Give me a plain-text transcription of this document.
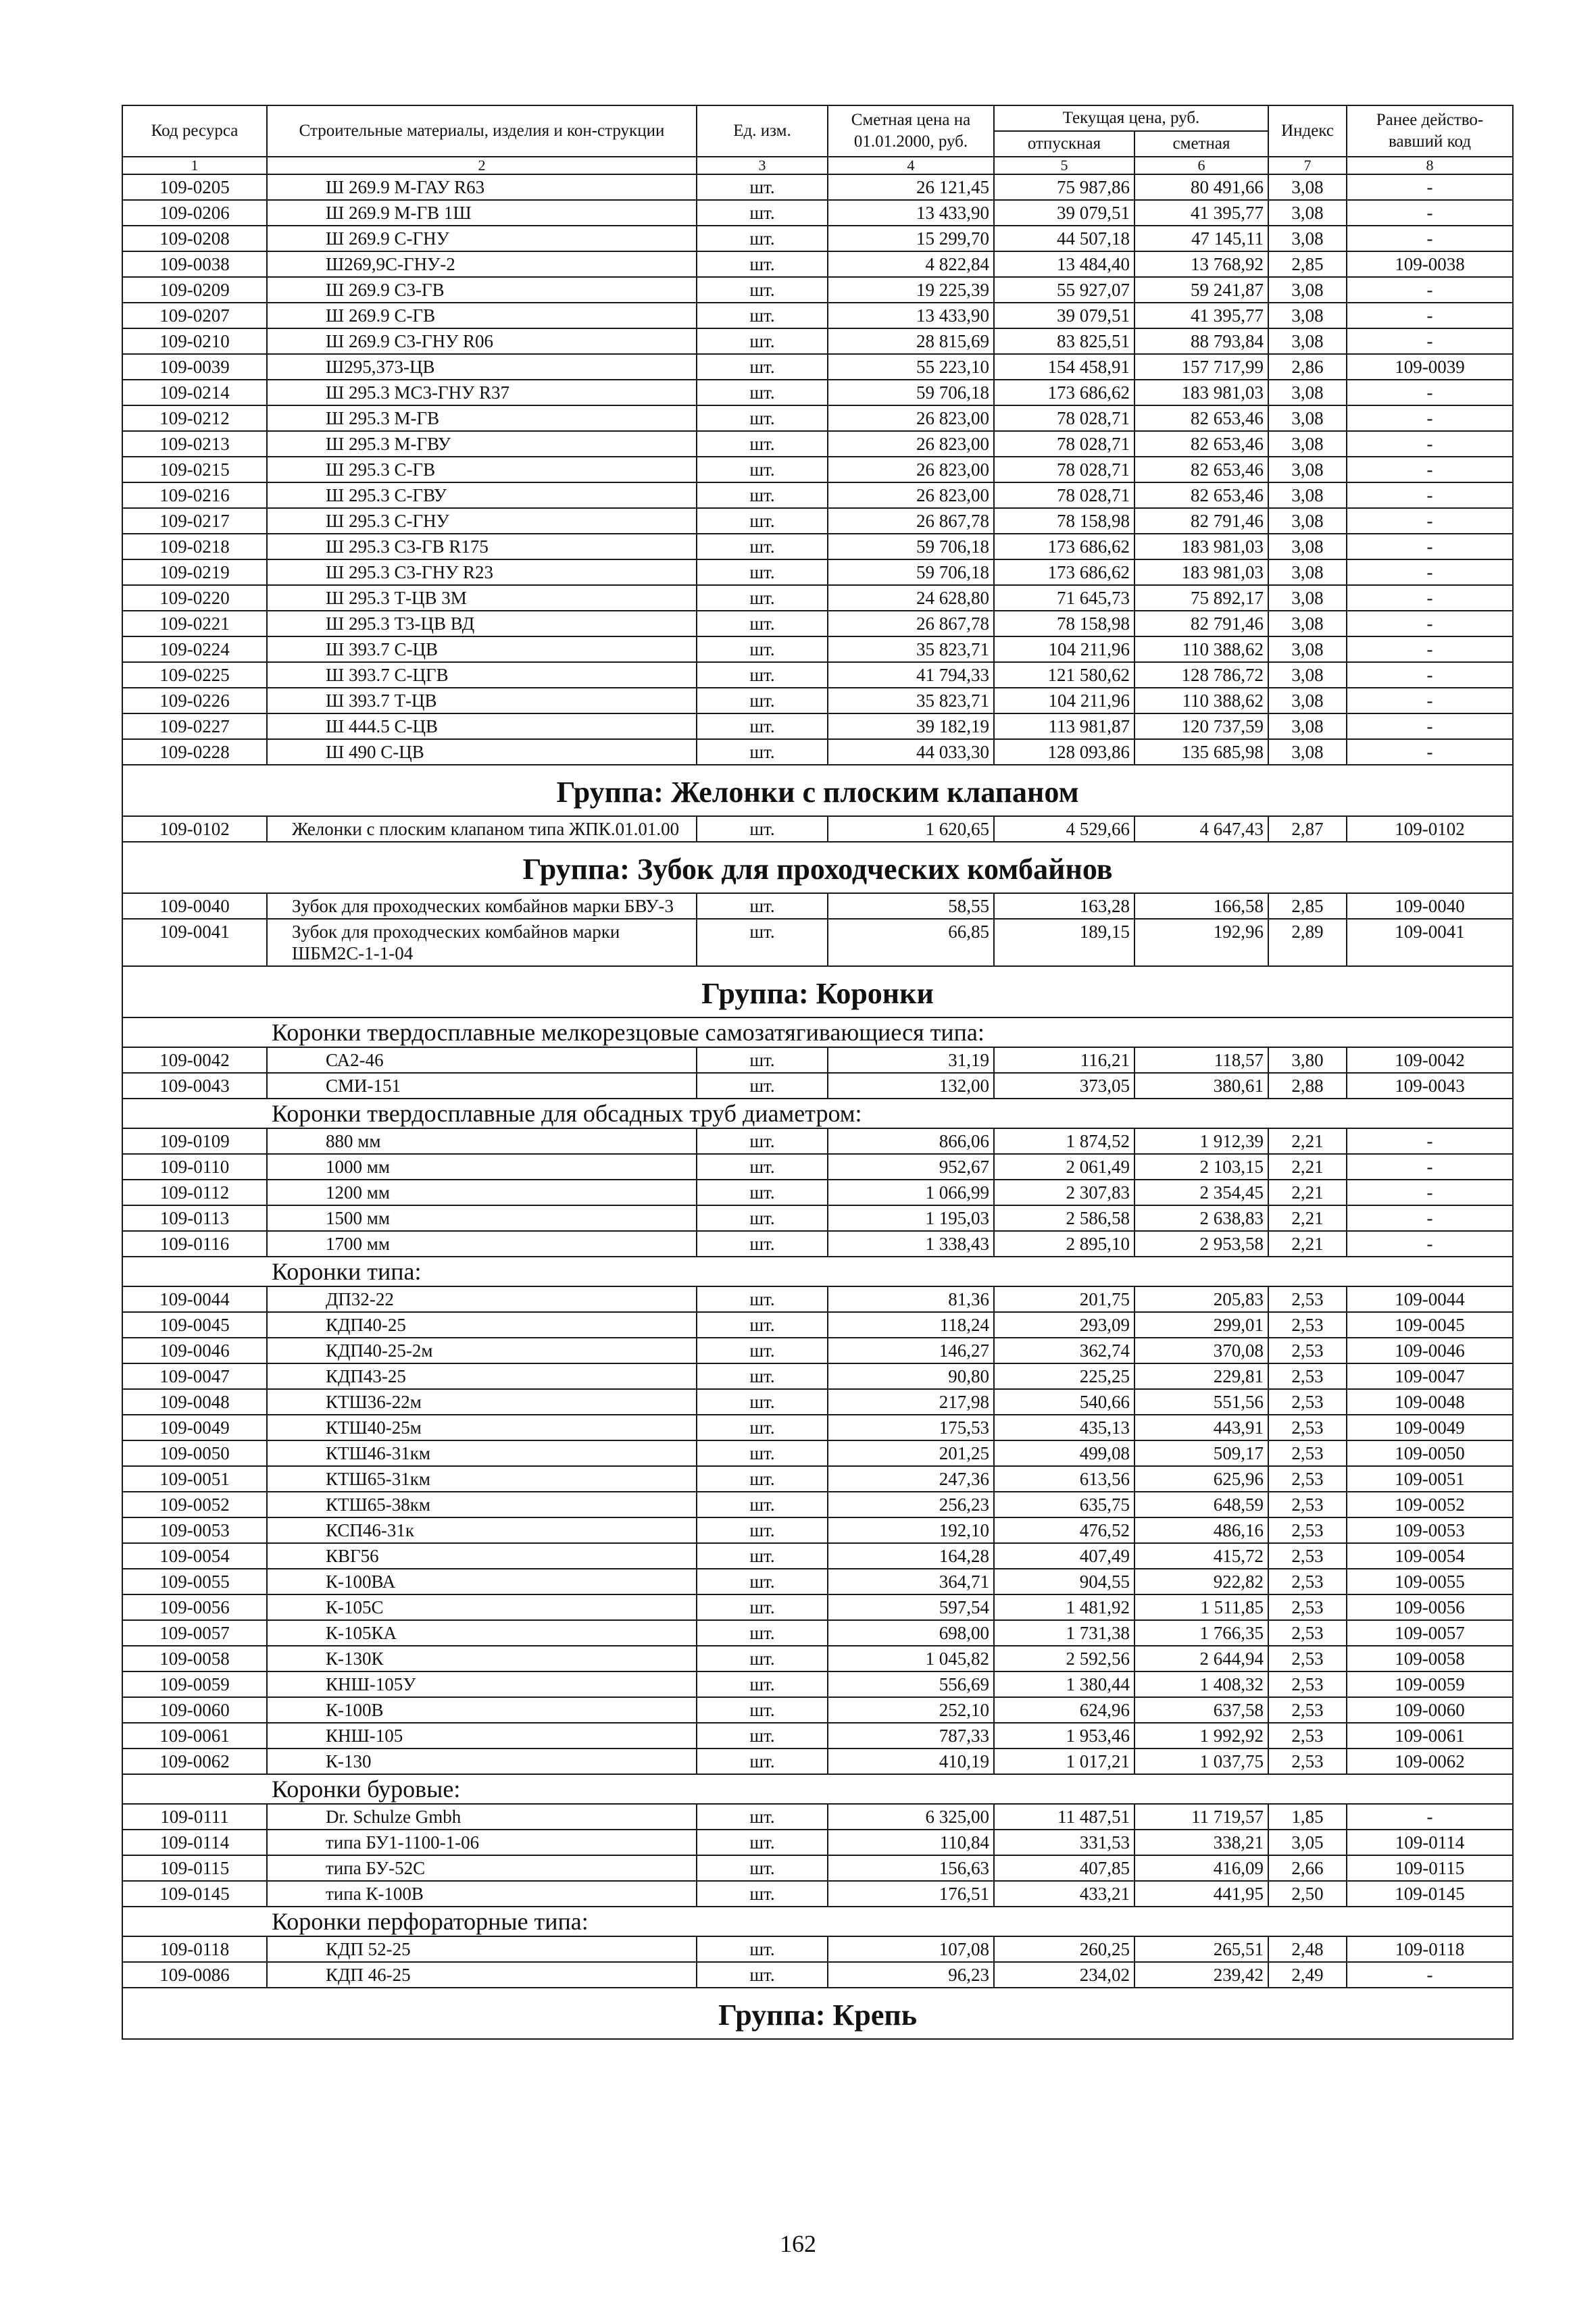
Код ресурса	Строительные материалы, изделия и кон-струкции	Ед. изм.	Сметная цена на 01.01.2000, руб.	Текущая цена, руб.		Индекс	Ранее действо-вавший код
				отпускная	сметная		
1	2	3	4	5	6	7	8
109-0205	Ш 269.9 М-ГАУ R63	шт.	26 121,45	75 987,86	80 491,66	3,08	-
109-0206	Ш 269.9 М-ГВ 1Ш	шт.	13 433,90	39 079,51	41 395,77	3,08	-
109-0208	Ш 269.9 С-ГНУ	шт.	15 299,70	44 507,18	47 145,11	3,08	-
109-0038	Ш269,9С-ГНУ-2	шт.	4 822,84	13 484,40	13 768,92	2,85	109-0038
109-0209	Ш 269.9 С3-ГВ	шт.	19 225,39	55 927,07	59 241,87	3,08	-
109-0207	Ш 269.9 С-ГВ	шт.	13 433,90	39 079,51	41 395,77	3,08	-
109-0210	Ш 269.9 С3-ГНУ R06	шт.	28 815,69	83 825,51	88 793,84	3,08	-
109-0039	Ш295,373-ЦВ	шт.	55 223,10	154 458,91	157 717,99	2,86	109-0039
109-0214	Ш 295.3 МС3-ГНУ R37	шт.	59 706,18	173 686,62	183 981,03	3,08	-
109-0212	Ш 295.3 М-ГВ	шт.	26 823,00	78 028,71	82 653,46	3,08	-
109-0213	Ш 295.3 М-ГВУ	шт.	26 823,00	78 028,71	82 653,46	3,08	-
109-0215	Ш 295.3 С-ГВ	шт.	26 823,00	78 028,71	82 653,46	3,08	-
109-0216	Ш 295.3 С-ГВУ	шт.	26 823,00	78 028,71	82 653,46	3,08	-
109-0217	Ш 295.3 С-ГНУ	шт.	26 867,78	78 158,98	82 791,46	3,08	-
109-0218	Ш 295.3 С3-ГВ R175	шт.	59 706,18	173 686,62	183 981,03	3,08	-
109-0219	Ш 295.3 С3-ГНУ R23	шт.	59 706,18	173 686,62	183 981,03	3,08	-
109-0220	Ш 295.3 Т-ЦВ 3М	шт.	24 628,80	71 645,73	75 892,17	3,08	-
109-0221	Ш 295.3 Т3-ЦВ ВД	шт.	26 867,78	78 158,98	82 791,46	3,08	-
109-0224	Ш 393.7 С-ЦВ	шт.	35 823,71	104 211,96	110 388,62	3,08	-
109-0225	Ш 393.7 С-ЦГВ	шт.	41 794,33	121 580,62	128 786,72	3,08	-
109-0226	Ш 393.7 Т-ЦВ	шт.	35 823,71	104 211,96	110 388,62	3,08	-
109-0227	Ш 444.5 С-ЦВ	шт.	39 182,19	113 981,87	120 737,59	3,08	-
109-0228	Ш 490 С-ЦВ	шт.	44 033,30	128 093,86	135 685,98	3,08	-
Группа: Желонки с плоским клапаном							
109-0102	Желонки с плоским клапаном типа ЖПК.01.01.00	шт.	1 620,65	4 529,66	4 647,43	2,87	109-0102
Группа: Зубок для проходческих комбайнов							
109-0040	Зубок для проходческих комбайнов марки БВУ-3	шт.	58,55	163,28	166,58	2,85	109-0040
109-0041	Зубок для проходческих комбайнов марки ШБМ2С-1-1-04	шт.	66,85	189,15	192,96	2,89	109-0041
Группа: Коронки							
Коронки твердосплавные мелкорезцовые самозатягивающиеся типа:							
109-0042	СА2-46	шт.	31,19	116,21	118,57	3,80	109-0042
109-0043	СМИ-151	шт.	132,00	373,05	380,61	2,88	109-0043
Коронки твердосплавные для обсадных труб диаметром:							
109-0109	880 мм	шт.	866,06	1 874,52	1 912,39	2,21	-
109-0110	1000 мм	шт.	952,67	2 061,49	2 103,15	2,21	-
109-0112	1200 мм	шт.	1 066,99	2 307,83	2 354,45	2,21	-
109-0113	1500 мм	шт.	1 195,03	2 586,58	2 638,83	2,21	-
109-0116	1700 мм	шт.	1 338,43	2 895,10	2 953,58	2,21	-
Коронки типа:							
109-0044	ДП32-22	шт.	81,36	201,75	205,83	2,53	109-0044
109-0045	КДП40-25	шт.	118,24	293,09	299,01	2,53	109-0045
109-0046	КДП40-25-2м	шт.	146,27	362,74	370,08	2,53	109-0046
109-0047	КДП43-25	шт.	90,80	225,25	229,81	2,53	109-0047
109-0048	КТШ36-22м	шт.	217,98	540,66	551,56	2,53	109-0048
109-0049	КТШ40-25м	шт.	175,53	435,13	443,91	2,53	109-0049
109-0050	КТШ46-31км	шт.	201,25	499,08	509,17	2,53	109-0050
109-0051	КТШ65-31км	шт.	247,36	613,56	625,96	2,53	109-0051
109-0052	КТШ65-38км	шт.	256,23	635,75	648,59	2,53	109-0052
109-0053	КСП46-31к	шт.	192,10	476,52	486,16	2,53	109-0053
109-0054	КВГ56	шт.	164,28	407,49	415,72	2,53	109-0054
109-0055	К-100ВА	шт.	364,71	904,55	922,82	2,53	109-0055
109-0056	К-105С	шт.	597,54	1 481,92	1 511,85	2,53	109-0056
109-0057	К-105КА	шт.	698,00	1 731,38	1 766,35	2,53	109-0057
109-0058	К-130К	шт.	1 045,82	2 592,56	2 644,94	2,53	109-0058
109-0059	КНШ-105У	шт.	556,69	1 380,44	1 408,32	2,53	109-0059
109-0060	К-100В	шт.	252,10	624,96	637,58	2,53	109-0060
109-0061	КНШ-105	шт.	787,33	1 953,46	1 992,92	2,53	109-0061
109-0062	К-130	шт.	410,19	1 017,21	1 037,75	2,53	109-0062
Коронки буровые:							
109-0111	Dr. Schulze Gmbh	шт.	6 325,00	11 487,51	11 719,57	1,85	-
109-0114	типа БУ1-1100-1-06	шт.	110,84	331,53	338,21	3,05	109-0114
109-0115	типа БУ-52С	шт.	156,63	407,85	416,09	2,66	109-0115
109-0145	типа К-100В	шт.	176,51	433,21	441,95	2,50	109-0145
Коронки перфораторные типа:							
109-0118	КДП 52-25	шт.	107,08	260,25	265,51	2,48	109-0118
109-0086	КДП 46-25	шт.	96,23	234,02	239,42	2,49	-
Группа: Крепь							
162
